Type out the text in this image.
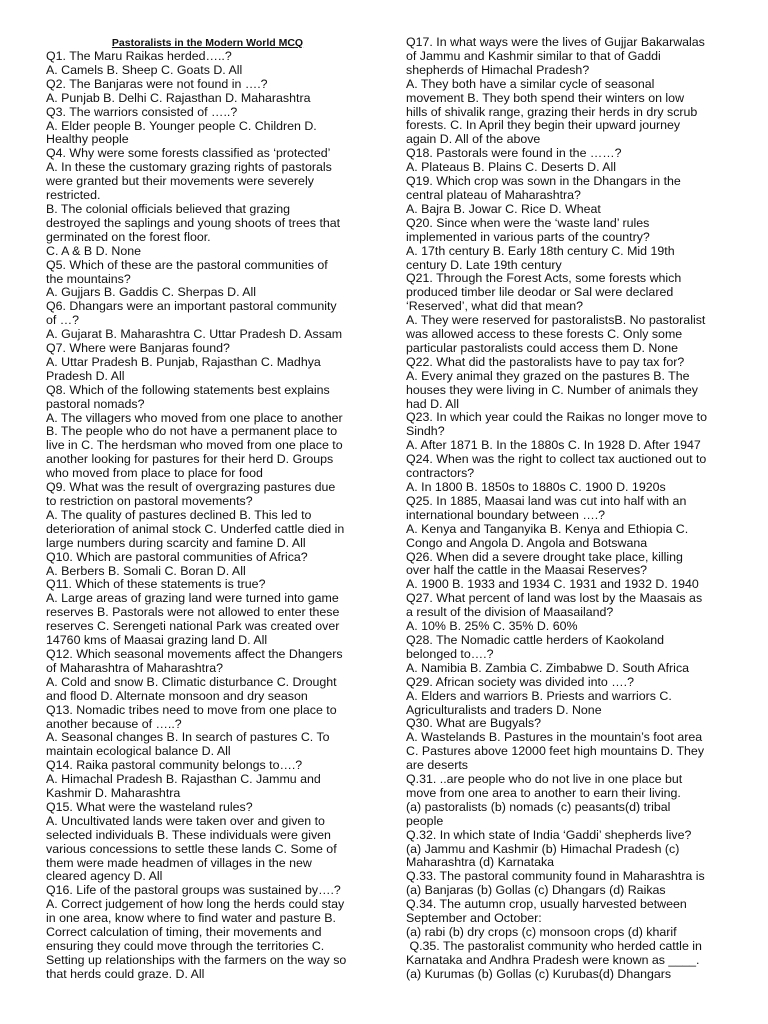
Pastoralists in the Modern World MCQ
Q1. The Maru Raikas herded…..?
A. Camels B. Sheep C. Goats D. All
Q2. The Banjaras were not found in ….?
A. Punjab B. Delhi C. Rajasthan D. Maharashtra
Q3. The warriors consisted of …..?
A. Elder people B. Younger people C. Children D.
Healthy people
Q4. Why were some forests classified as ‘protected’
A. In these the customary grazing rights of pastorals
were granted but their movements were severely
restricted.
B. The colonial officials believed that grazing
destroyed the saplings and young shoots of trees that
germinated on the forest floor.
C. A & B D. None
Q5. Which of these are the pastoral communities of
the mountains?
A. Gujjars B. Gaddis C. Sherpas D. All
Q6. Dhangars were an important pastoral community
of …?
A. Gujarat B. Maharashtra C. Uttar Pradesh D. Assam
Q7. Where were Banjaras found?
A. Uttar Pradesh B. Punjab, Rajasthan C. Madhya
Pradesh D. All
Q8. Which of the following statements best explains
pastoral nomads?
A. The villagers who moved from one place to another
B. The people who do not have a permanent place to
live in C. The herdsman who moved from one place to
another looking for pastures for their herd D. Groups
who moved from place to place for food
Q9. What was the result of overgrazing pastures due
to restriction on pastoral movements?
A. The quality of pastures declined B. This led to
deterioration of animal stock C. Underfed cattle died in
large numbers during scarcity and famine D. All
Q10. Which are pastoral communities of Africa?
A. Berbers B. Somali C. Boran D. All
Q11. Which of these statements is true?
A. Large areas of grazing land were turned into game
reserves B. Pastorals were not allowed to enter these
reserves C. Serengeti national Park was created over
14760 kms of Maasai grazing land D. All
Q12. Which seasonal movements affect the Dhangers
of Maharashtra of Maharashtra?
A. Cold and snow B. Climatic disturbance C. Drought
and flood D. Alternate monsoon and dry season
Q13. Nomadic tribes need to move from one place to
another because of …..?
A. Seasonal changes B. In search of pastures C. To
maintain ecological balance D. All
Q14. Raika pastoral community belongs to….?
A. Himachal Pradesh B. Rajasthan C. Jammu and
Kashmir D. Maharashtra
Q15. What were the wasteland rules?
A. Uncultivated lands were taken over and given to
selected individuals B. These individuals were given
various concessions to settle these lands C. Some of
them were made headmen of villages in the new
cleared agency D. All
Q16. Life of the pastoral groups was sustained by….?
A. Correct judgement of how long the herds could stay
in one area, know where to find water and pasture B.
Correct calculation of timing, their movements and
ensuring they could move through the territories C.
Setting up relationships with the farmers on the way so
that herds could graze. D. All
Q17. In what ways were the lives of Gujjar Bakarwalas
of Jammu and Kashmir similar to that of Gaddi
shepherds of Himachal Pradesh?
A. They both have a similar cycle of seasonal
movement B. They both spend their winters on low
hills of shivalik range, grazing their herds in dry scrub
forests. C. In April they begin their upward journey
again D. All of the above
Q18. Pastorals were found in the ……?
A. Plateaus B. Plains C. Deserts D. All
Q19. Which crop was sown in the Dhangars in the
central plateau of Maharashtra?
A. Bajra B. Jowar C. Rice D. Wheat
Q20. Since when were the ‘waste land’ rules
implemented in various parts of the country?
A. 17th century B. Early 18th century C. Mid 19th
century D. Late 19th century
Q21. Through the Forest Acts, some forests which
produced timber lile deodar or Sal were declared
‘Reserved’, what did that mean?
A. They were reserved for pastoralistsB. No pastoralist
was allowed access to these forests C. Only some
particular pastoralists could access them D. None
Q22. What did the pastoralists have to pay tax for?
A. Every animal they grazed on the pastures B. The
houses they were living in C. Number of animals they
had D. All
Q23. In which year could the Raikas no longer move to
Sindh?
A. After 1871 B. In the 1880s C. In 1928 D. After 1947
Q24. When was the right to collect tax auctioned out to
contractors?
A. In 1800 B. 1850s to 1880s C. 1900 D. 1920s
Q25. In 1885, Maasai land was cut into half with an
international boundary between ….?
A. Kenya and Tanganyika B. Kenya and Ethiopia C.
Congo and Angola D. Angola and Botswana
Q26. When did a severe drought take place, killing
over half the cattle in the Maasai Reserves?
A. 1900 B. 1933 and 1934 C. 1931 and 1932 D. 1940
Q27. What percent of land was lost by the Maasais as
a result of the division of Maasailand?
A. 10% B. 25% C. 35% D. 60%
Q28. The Nomadic cattle herders of Kaokoland
belonged to….?
A. Namibia B. Zambia C. Zimbabwe D. South Africa
Q29. African society was divided into ….?
A. Elders and warriors B. Priests and warriors C.
Agriculturalists and traders D. None
Q30. What are Bugyals?
A. Wastelands B. Pastures in the mountain’s foot area
C. Pastures above 12000 feet high mountains D. They
are deserts
Q.31. ..are people who do not live in one place but
move from one area to another to earn their living.
(a) pastoralists (b) nomads (c) peasants(d) tribal
people
Q.32. In which state of India ‘Gaddi’ shepherds live?
(a) Jammu and Kashmir (b) Himachal Pradesh (c)
Maharashtra (d) Karnataka
Q.33. The pastoral community found in Maharashtra is
(a) Banjaras (b) Gollas (c) Dhangars (d) Raikas
Q.34. The autumn crop, usually harvested between
September and October:
(a) rabi (b) dry crops (c) monsoon crops (d) kharif
Q.35. The pastoralist community who herded cattle in
Karnataka and Andhra Pradesh were known as ____.
(a) Kurumas (b) Gollas (c) Kurubas(d) Dhangars
